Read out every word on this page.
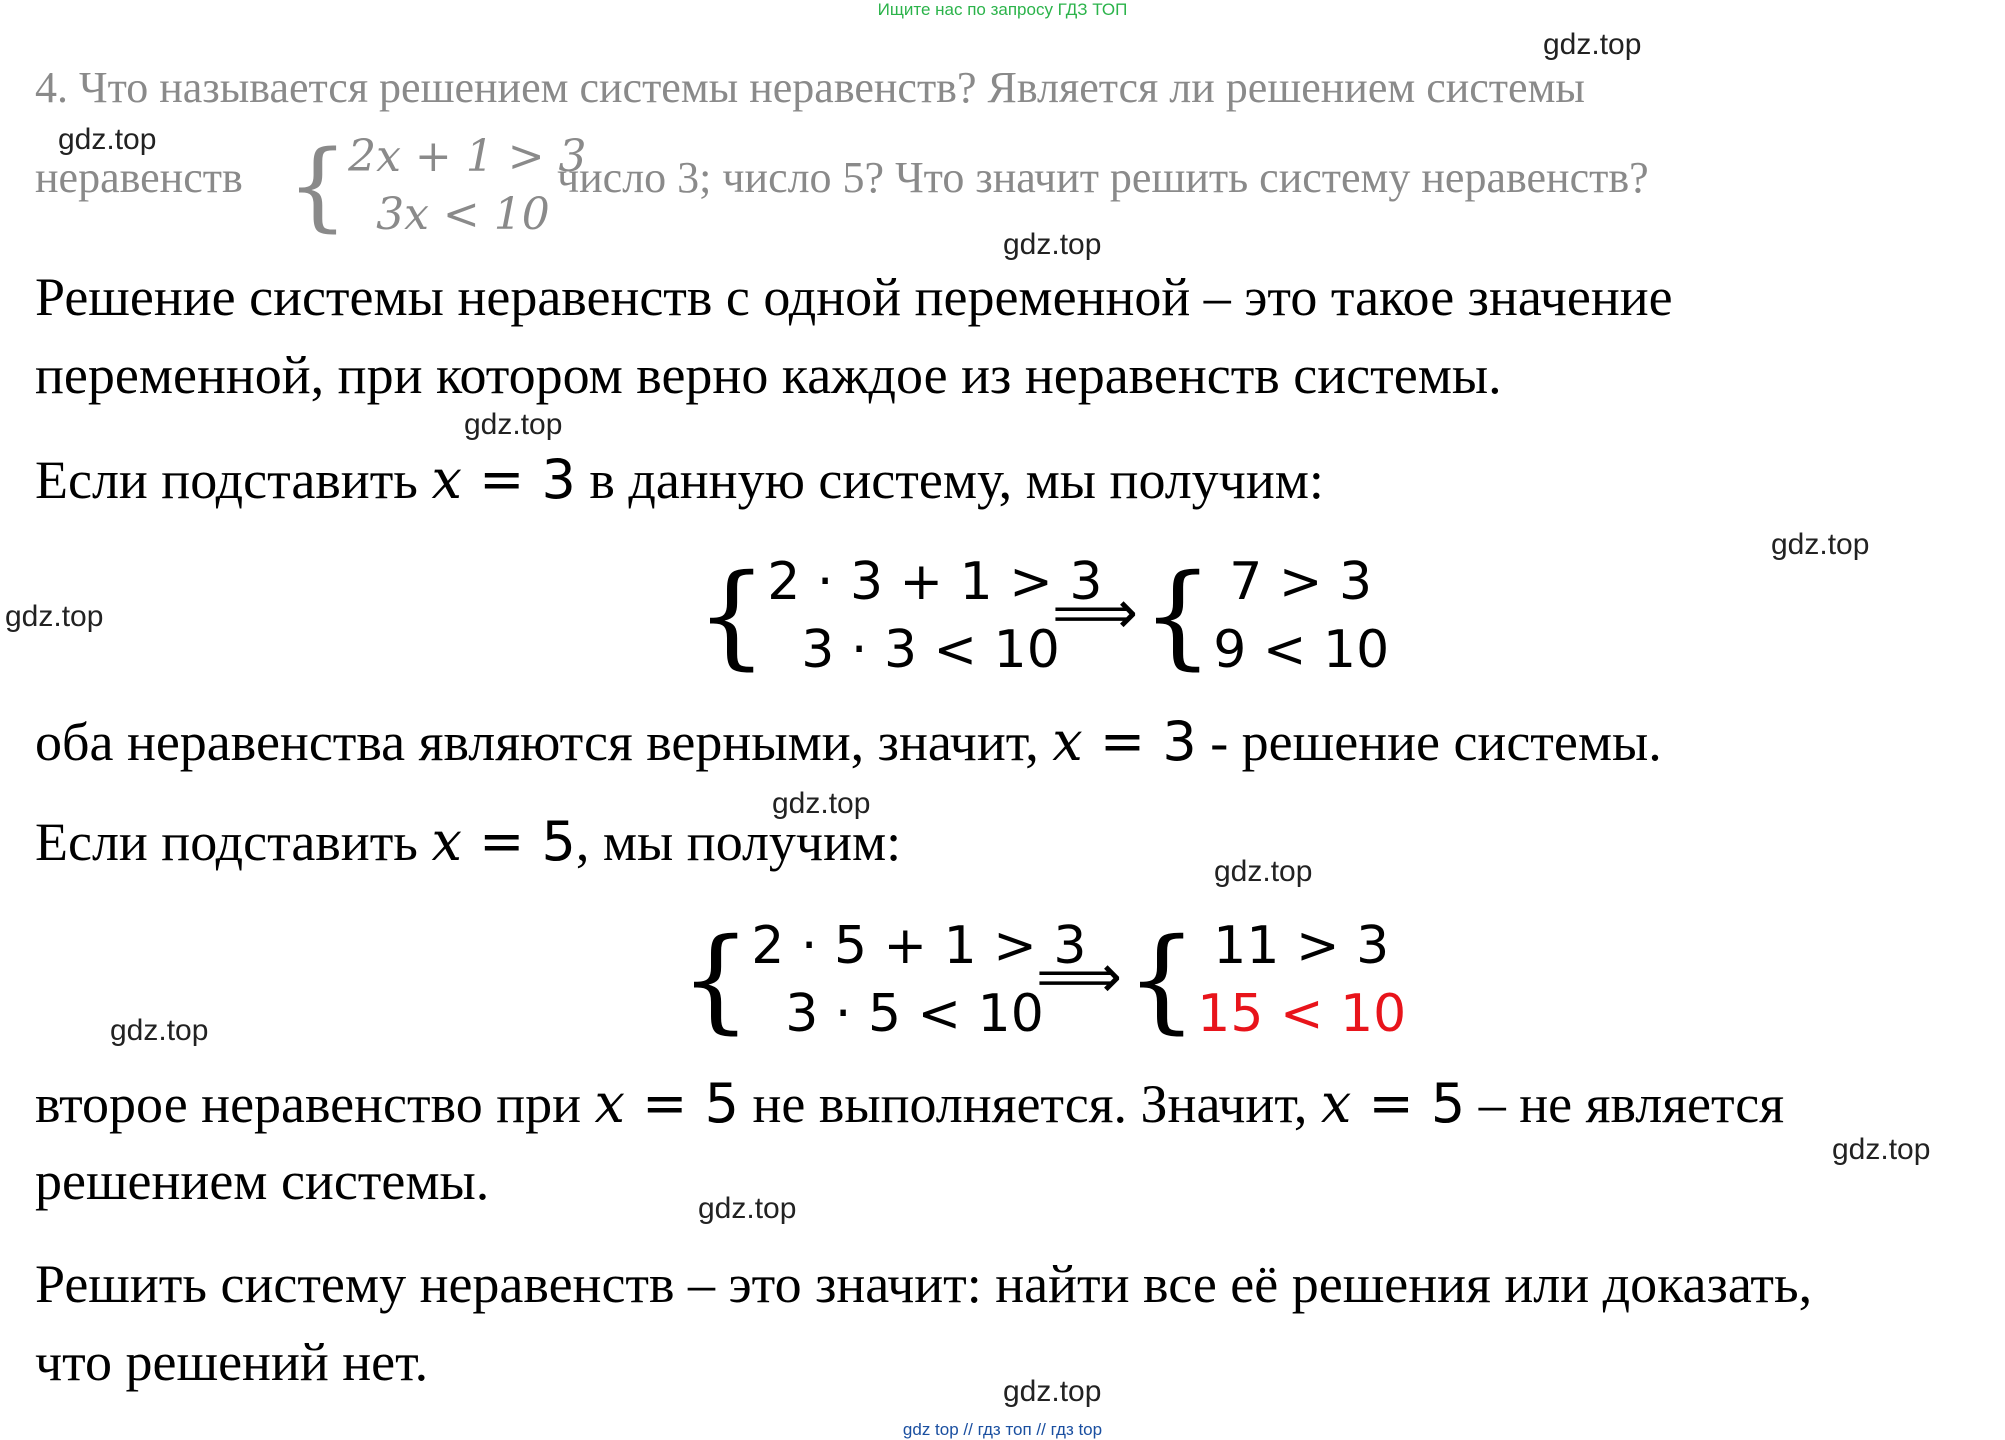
Ищите нас по запросу ГДЗ ТОП
gdz top // гдз топ // гдз top
gdz.top
gdz.top
gdz.top
gdz.top
gdz.top
gdz.top
gdz.top
gdz.top
gdz.top
gdz.top
gdz.top
gdz.top
4. Что называется решением системы неравенств? Является ли решением системы
неравенств { 2x + 1 > 3
3x < 10
число 3; число 5? Что значит решить систему неравенств?
Решение системы неравенств с одной переменной – это такое значение
переменной, при котором верно каждое из неравенств системы.
Если подставить x = 3 в данную систему, мы получим:
{ 2 · 3 + 1 > 3
3 · 3 < 10
⟹ { 7 > 3
9 < 10
оба неравенства являются верными, значит, x = 3 - решение системы.
Если подставить x = 5, мы получим:
{ 2 · 5 + 1 > 3
3 · 5 < 10
⟹ { 11 > 3
15 < 10
второе неравенство при x = 5 не выполняется. Значит, x = 5 – не является
решением системы.
Решить систему неравенств – это значит: найти все её решения или доказать,
что решений нет.
